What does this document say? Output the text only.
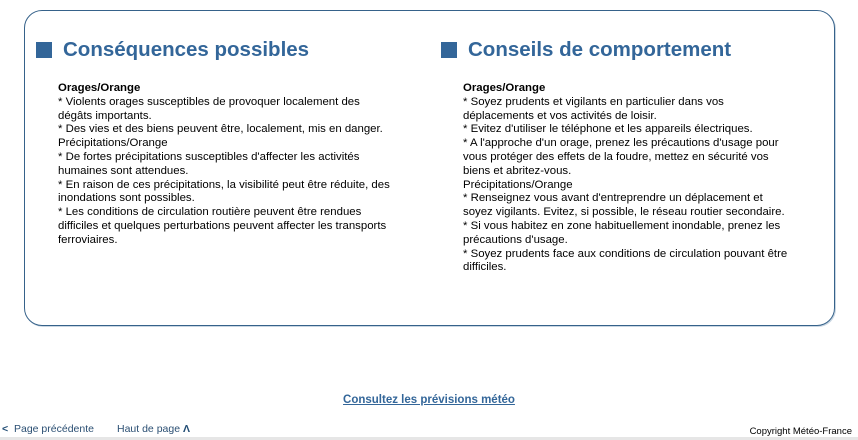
Conséquences possibles
Orages/Orange
* Violents orages susceptibles de provoquer localement des
dégâts importants.
* Des vies et des biens peuvent être, localement, mis en danger.
Précipitations/Orange
* De fortes précipitations susceptibles d'affecter les activités
humaines sont attendues.
* En raison de ces précipitations, la visibilité peut être réduite, des
inondations sont possibles.
* Les conditions de circulation routière peuvent être rendues
difficiles et quelques perturbations peuvent affecter les transports
ferroviaires.
Conseils de comportement
Orages/Orange
* Soyez prudents et vigilants en particulier dans vos
déplacements et vos activités de loisir.
* Evitez d'utiliser le téléphone et les appareils électriques.
* A l'approche d'un orage, prenez les précautions d'usage pour
vous protéger des effets de la foudre, mettez en sécurité vos
biens et abritez-vous.
Précipitations/Orange
* Renseignez vous avant d'entreprendre un déplacement et
soyez vigilants. Evitez, si possible, le réseau routier secondaire.
* Si vous habitez en zone habituellement inondable, prenez les
précautions d'usage.
* Soyez prudents face aux conditions de circulation pouvant être
difficiles.
Consultez les prévisions météo
< Page précédente Haut de page Λ	Copyright Météo-France
